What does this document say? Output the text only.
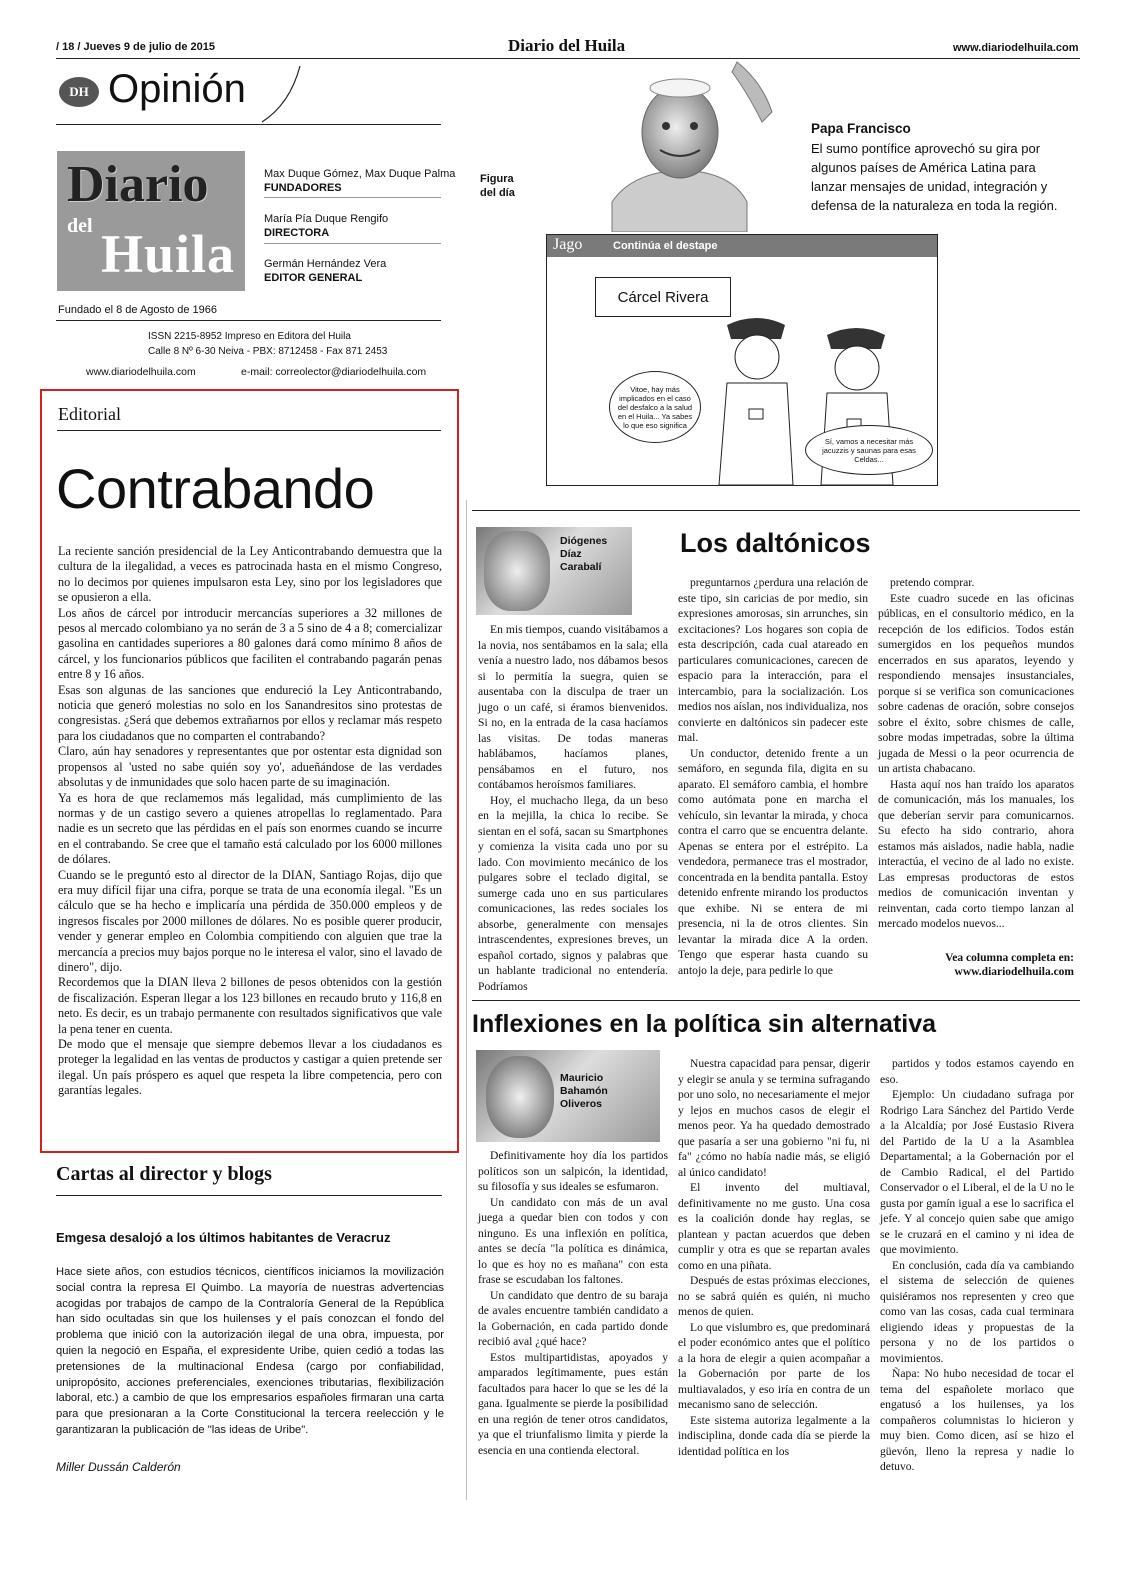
/ 18 / Jueves 9 de julio de 2015	Diario del Huila	www.diariodelhuila.com
DH Opinión
Diario
del Huila
Max Duque Gómez, Max Duque Palma
FUNDADORES
María Pía Duque Rengifo
DIRECTORA
Germán Hernández Vera
EDITOR GENERAL
Fundado el 8 de Agosto de 1966
ISSN 2215-8952 Impreso en Editora del Huila
Calle 8 Nº 6-30 Neiva - PBX: 8712458 - Fax 871 2453
www.diariodelhuila.com	e-mail: correolector@diariodelhuila.com
Figura
del día
Papa Francisco
El sumo pontífice aprovechó su gira por algunos países de América Latina para lanzar mensajes de unidad, integración y defensa de la naturaleza en toda la región.
Jago	Continúa el destape
Cárcel Rivera
Vitoe, hay más implicados en el caso del desfalco a la salud en el Huila... Ya sabes lo que eso significa
Sí, vamos a necesitar más jacuzzis y saunas para esas Celdas...
Editorial
Contrabando

La reciente sanción presidencial de la Ley Anticontrabando demuestra que la cultura de la ilegalidad, a veces es patrocinada hasta en el mismo Congreso, no lo decimos por quienes impulsaron esta Ley, sino por los legisladores que se opusieron a ella.

Los años de cárcel por introducir mercancías superiores a 32 millones de pesos al mercado colombiano ya no serán de 3 a 5 sino de 4 a 8; comercializar gasolina en cantidades superiores a 80 galones dará como mínimo 8 años de cárcel, y los funcionarios públicos que faciliten el contrabando pagarán penas entre 8 y 16 años.

Esas son algunas de las sanciones que endureció la Ley Anticontrabando, noticia que generó molestias no solo en los Sanandresitos sino protestas de congresistas. ¿Será que debemos extrañarnos por ellos y reclamar más respeto para los ciudadanos que no comparten el contrabando?

Claro, aún hay senadores y representantes que por ostentar esta dignidad son propensos al 'usted no sabe quién soy yo', adueñándose de las verdades absolutas y de inmunidades que solo hacen parte de su imaginación.

Ya es hora de que reclamemos más legalidad, más cumplimiento de las normas y de un castigo severo a quienes atropellas lo reglamentado. Para nadie es un secreto que las pérdidas en el país son enormes cuando se incurre en el contrabando. Se cree que el tamaño está calculado por los 6000 millones de dólares.

Cuando se le preguntó esto al director de la DIAN, Santiago Rojas, dijo que era muy difícil fijar una cifra, porque se trata de una economía ilegal. "Es un cálculo que se ha hecho e implicaría una pérdida de 350.000 empleos y de ingresos fiscales por 2000 millones de dólares. No es posible querer producir, vender y generar empleo en Colombia compitiendo con alguien que trae la mercancía a precios muy bajos porque no le interesa el valor, sino el lavado de dinero", dijo.

Recordemos que la DIAN lleva 2 billones de pesos obtenidos con la gestión de fiscalización. Esperan llegar a los 123 billones en recaudo bruto y 116,8 en neto. Es decir, es un trabajo permanente con resultados significativos que vale la pena tener en cuenta.

De modo que el mensaje que siempre debemos llevar a los ciudadanos es proteger la legalidad en las ventas de productos y castigar a quien pretende ser ilegal. Un país próspero es aquel que respeta la libre competencia, pero con garantías legales.

Cartas al director y blogs
Emgesa desalojó a los últimos habitantes de Veracruz
Hace siete años, con estudios técnicos, científicos iniciamos la movilización social contra la represa El Quimbo. La mayoría de nuestras advertencias acogidas por trabajos de campo de la Contraloría General de la República han sido ocultadas sin que los huilenses y el país conozcan el fondo del problema que inició con la autorización ilegal de una obra, impuesta, por quien la negoció en España, el expresidente Uribe, quien cedió a todas las pretensiones de la multinacional Endesa (cargo por confiabilidad, unipropósito, acciones preferenciales, exenciones tributarias, flexibilización laboral, etc.) a cambio de que los empresarios españoles firmaran una carta para que presionaran a la Corte Constitucional la tercera reelección y le garantizaran la publicación de "las ideas de Uribe".
Miller Dussán Calderón
Diógenes
Díaz
Carabalí
Los daltónicos

En mis tiempos, cuando visitábamos a la novia, nos sentábamos en la sala; ella venía a nuestro lado, nos dábamos besos si lo permitía la suegra, quien se ausentaba con la disculpa de traer un jugo o un café, si éramos bienvenidos. Si no, en la entrada de la casa hacíamos las visitas. De todas maneras hablábamos, hacíamos planes, pensábamos en el futuro, nos contábamos heroísmos familiares.

Hoy, el muchacho llega, da un beso en la mejilla, la chica lo recibe. Se sientan en el sofá, sacan su Smartphones y comienza la visita cada uno por su lado. Con movimiento mecánico de los pulgares sobre el teclado digital, se sumerge cada uno en sus particulares comunicaciones, las redes sociales los absorbe, generalmente con mensajes intrascendentes, expresiones breves, un español cortado, signos y palabras que un hablante tradicional no entendería. Podríamos

preguntarnos ¿perdura una relación de este tipo, sin caricias de por medio, sin expresiones amorosas, sin arrunches, sin excitaciones? Los hogares son copia de esta descripción, cada cual atareado en particulares comunicaciones, carecen de espacio para la interacción, para el intercambio, para la socialización. Los medios nos aíslan, nos individualiza, nos convierte en daltónicos sin padecer este mal.

Un conductor, detenido frente a un semáforo, en segunda fila, digita en su aparato. El semáforo cambia, el hombre como autómata pone en marcha el vehículo, sin levantar la mirada, y choca contra el carro que se encuentra delante. Apenas se entera por el estrépito. La vendedora, permanece tras el mostrador, concentrada en la bendita pantalla. Estoy detenido enfrente mirando los productos que exhibe. Ni se entera de mi presencia, ni la de otros clientes. Sin levantar la mirada dice A la orden. Tengo que esperar hasta cuando su antojo la deje, para pedirle lo que

pretendo comprar.

Este cuadro sucede en las oficinas públicas, en el consultorio médico, en la recepción de los edificios. Todos están sumergidos en los pequeños mundos encerrados en sus aparatos, leyendo y respondiendo mensajes insustanciales, porque si se verifica son comunicaciones sobre cadenas de oración, sobre consejos sobre el éxito, sobre chismes de calle, sobre modas impetradas, sobre la última jugada de Messi o la peor ocurrencia de un artista chabacano.

Hasta aquí nos han traído los aparatos de comunicación, más los manuales, los que deberían servir para comunicarnos. Su efecto ha sido contrario, ahora estamos más aislados, nadie habla, nadie interactúa, el vecino de al lado no existe. Las empresas productoras de estos medios de comunicación inventan y reinventan, cada corto tiempo lanzan al mercado modelos nuevos...

Vea columna completa en:
www.diariodelhuila.com
Inflexiones en la política sin alternativa
Mauricio
Bahamón
Oliveros

Definitivamente hoy día los partidos políticos son un salpicón, la identidad, su filosofía y sus ideales se esfumaron.

Un candidato con más de un aval juega a quedar bien con todos y con ninguno. Es una inflexión en política, antes se decía "la política es dinámica, lo que es hoy no es mañana" con esta frase se escudaban los faltones.

Un candidato que dentro de su baraja de avales encuentre también candidato a la Gobernación, en cada partido donde recibió aval ¿qué hace?

Estos multipartidistas, apoyados y amparados legítimamente, pues están facultados para hacer lo que se les dé la gana. Igualmente se pierde la posibilidad en una región de tener otros candidatos, ya que el triunfalismo limita y pierde la esencia en una contienda electoral.

Nuestra capacidad para pensar, digerir y elegir se anula y se termina sufragando por uno solo, no necesariamente el mejor y lejos en muchos casos de elegir el menos peor. Ya ha quedado demostrado que pasaría a ser una gobierno "ni fu, ni fa" ¿cómo no había nadie más, se eligió al único candidato!

El invento del multiaval, definitivamente no me gusto. Una cosa es la coalición donde hay reglas, se plantean y pactan acuerdos que deben cumplir y otra es que se repartan avales como en una piñata.

Después de estas próximas elecciones, no se sabrá quién es quién, ni mucho menos de quien.

Lo que vislumbro es, que predominará el poder económico antes que el político a la hora de elegir a quien acompañar a la Gobernación por parte de los multiavalados, y eso iría en contra de un mecanismo sano de selección.

Este sistema autoriza legalmente a la indisciplina, donde cada día se pierde la identidad política en los

partidos y todos estamos cayendo en eso.

Ejemplo: Un ciudadano sufraga por Rodrigo Lara Sánchez del Partido Verde a la Alcaldía; por José Eustasio Rivera del Partido de la U a la Asamblea Departamental; a la Gobernación por el de Cambio Radical, el del Partido Conservador o el Liberal, el de la U no le gusta por gamín igual a ese lo sacrifica el jefe. Y al concejo quien sabe que amigo se le cruzará en el camino y ni idea de que movimiento.

En conclusión, cada día va cambiando el sistema de selección de quienes quisiéramos nos representen y creo que como van las cosas, cada cual terminara eligiendo ideas y propuestas de la persona y no de los partidos o movimientos.

Ñapa: No hubo necesidad de tocar el tema del españolete morlaco que engatusó a los huilenses, ya los compañeros columnistas lo hicieron y muy bien. Como dicen, así se hizo el güevón, lleno la represa y nadie lo detuvo.
